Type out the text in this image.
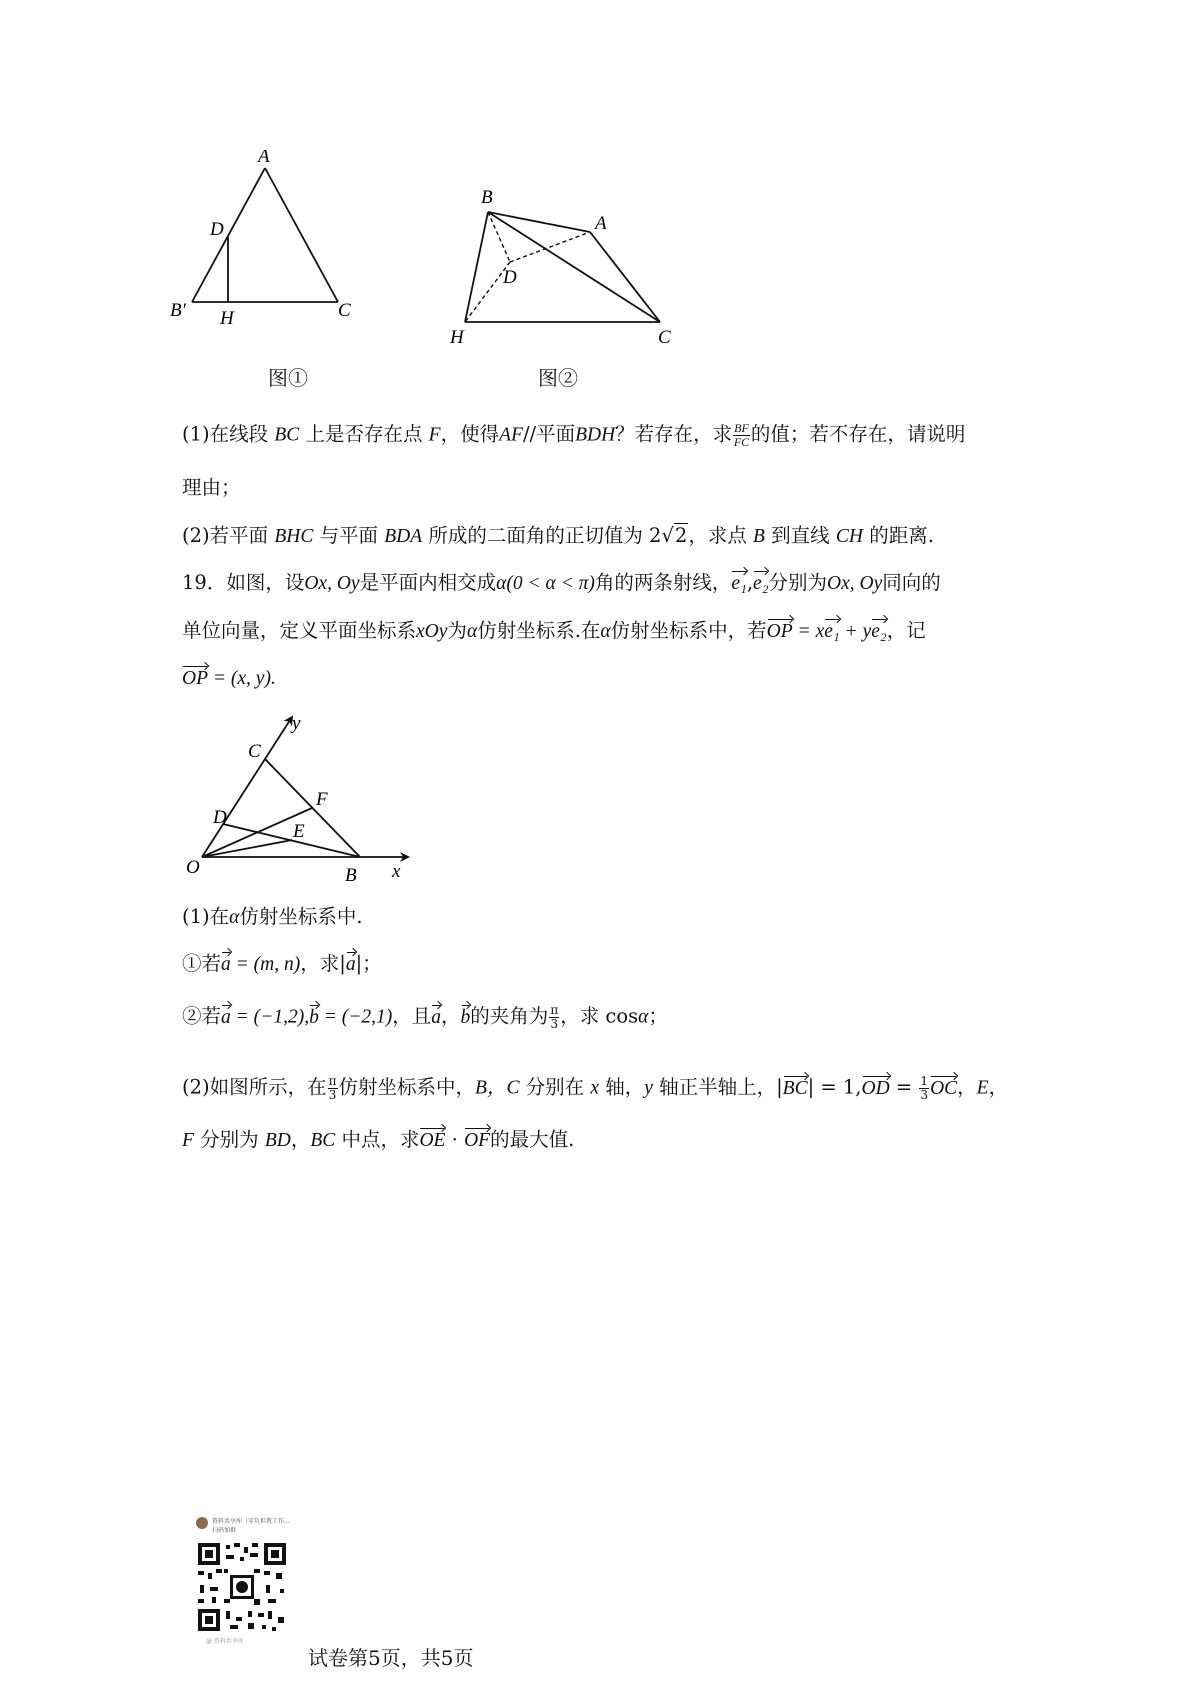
A
D
B′ H	C
图①
B
A
D
H	C
图②
(1)在线段 BC 上是否存在点 F，使得AF//平面BDH？若存在，求 $\frac{BF}{FC}$ 的值；若不存在，请说明
理由；
(2)若平面 BHC 与平面 BDA 所成的二面角的正切值为 2√2，求点 B 到直线 CH 的距离.
19．如图，设Ox, Oy是平面内相交成α(0 < α < π)角的两条射线，e₁,e₂分别为Ox, Oy同向的
单位向量，定义平面坐标系xOy为α仿射坐标系.在α仿射坐标系中，若OP = xe₁ + ye₂，记
OP = (x, y).
y
C
F
D
E
O	B x
(1)在α仿射坐标系中.
①若a = (m, n)，求|a|；
②若a = (−1,2),b = (−2,1)，且a，b的夹角为 $\frac{\pi}{3}$ ，求 cosα；
(2)如图所示，在 $\frac{\pi}{3}$ 仿射坐标系中，B，C 分别在 x 轴，y 轴正半轴上，$|BC| = 1,OD = \frac{1}{3}$ OC，E，
F 分别为 BD，BC 中点，求OE · OF的最大值.
资料共享库（零负担教工作…
扫码加群
@ 资料共享库
试卷第5页，共5页
